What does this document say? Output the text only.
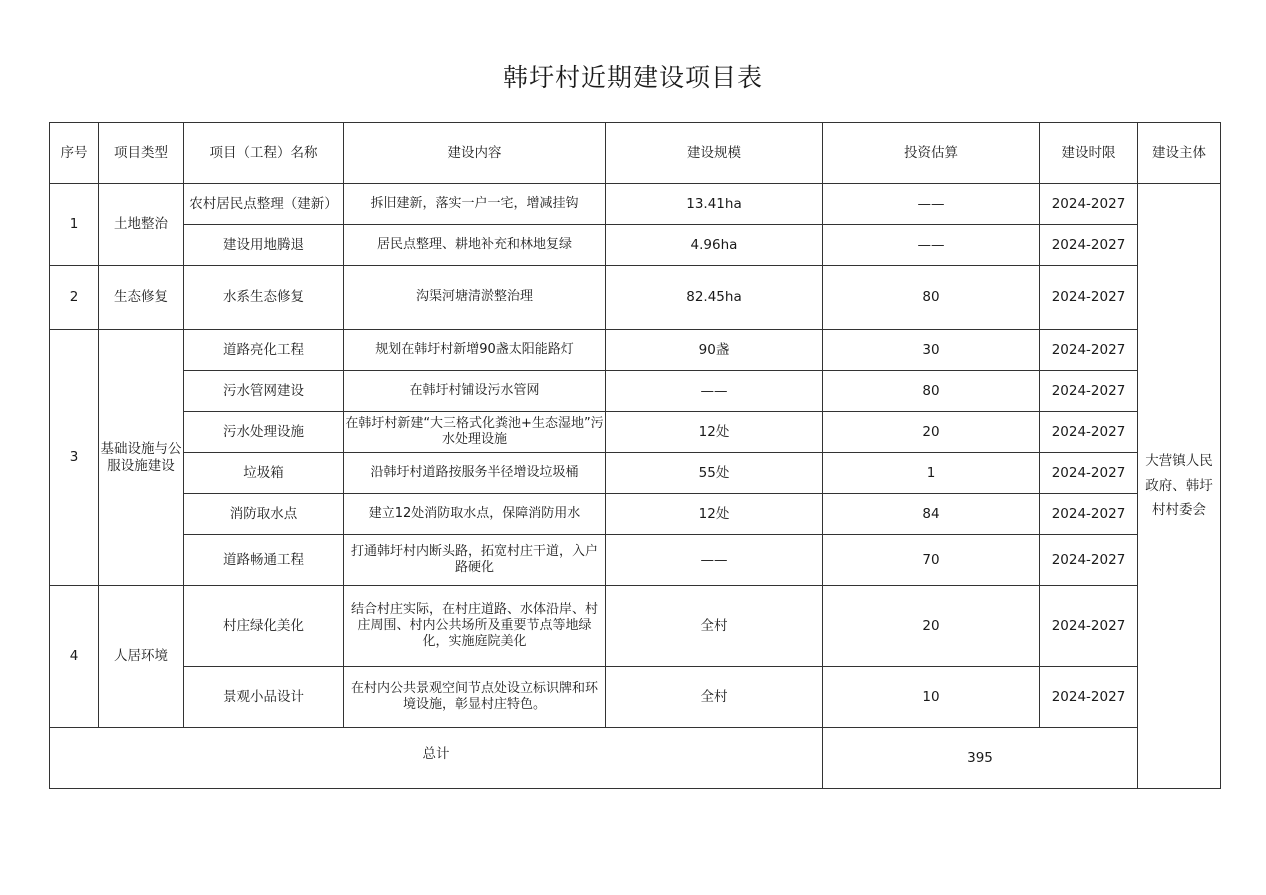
韩圩村近期建设项目表
序号	项目类型	项目（工程）名称	建设内容	建设规模	投资估算	建设时限	建设主体
1	土地整治	农村居民点整理（建新）	拆旧建新，落实一户一宅，增减挂钩	13.41ha	——	2024-2027	大营镇人民政府、韩圩村村委会
		建设用地腾退	居民点整理、耕地补充和林地复绿	4.96ha	——	2024-2027	
2	生态修复	水系生态修复	沟渠河塘清淤整治理	82.45ha	80	2024-2027	
3	基础设施与公服设施建设	道路亮化工程	规划在韩圩村新增90盏太阳能路灯	90盏	30	2024-2027	
		污水管网建设	在韩圩村铺设污水管网	——	80	2024-2027	
		污水处理设施	在韩圩村新建“大三格式化粪池+生态湿地”污水处理设施	12处	20	2024-2027	
		垃圾箱	沿韩圩村道路按服务半径增设垃圾桶	55处	1	2024-2027	
		消防取水点	建立12处消防取水点，保障消防用水	12处	84	2024-2027	
		道路畅通工程	打通韩圩村内断头路，拓宽村庄干道，入户路硬化	——	70	2024-2027	
4	人居环境	村庄绿化美化	结合村庄实际，在村庄道路、水体沿岸、村庄周围、村内公共场所及重要节点等地绿化，实施庭院美化	全村	20	2024-2027	
		景观小品设计	在村内公共景观空间节点处设立标识牌和环境设施，彰显村庄特色。	全村	10	2024-2027	
总计					395		
